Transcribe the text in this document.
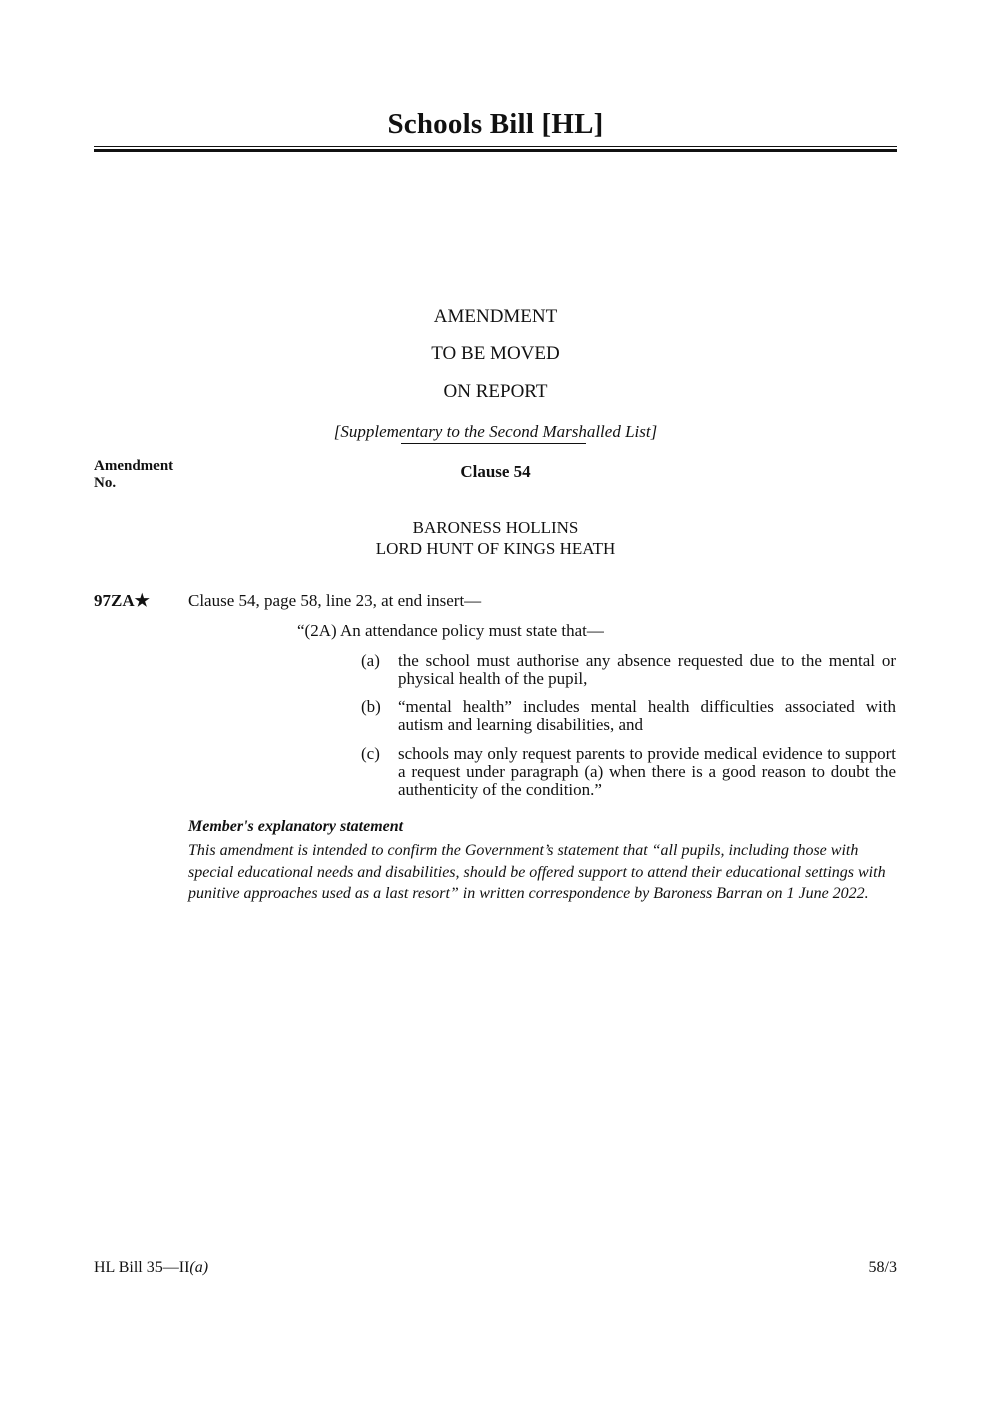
Schools Bill [HL]
AMENDMENT
TO BE MOVED
ON REPORT
[Supplementary to the Second Marshalled List]
Amendment
No.
Clause 54
BARONESS HOLLINS
LORD HUNT OF KINGS HEATH
97ZA★ Clause 54, page 58, line 23, at end insert—
“(2A) An attendance policy must state that—
(a) the school must authorise any absence requested due to the mental or physical health of the pupil,
(b) “mental health” includes mental health difficulties associated with autism and learning disabilities, and
(c) schools may only request parents to provide medical evidence to support a request under paragraph (a) when there is a good reason to doubt the authenticity of the condition.”
Member's explanatory statement
This amendment is intended to confirm the Government’s statement that “all pupils, including those with special educational needs and disabilities, should be offered support to attend their educational settings with punitive approaches used as a last resort” in written correspondence by Baroness Barran on 1 June 2022.
HL Bill 35—II(a)	58/3
